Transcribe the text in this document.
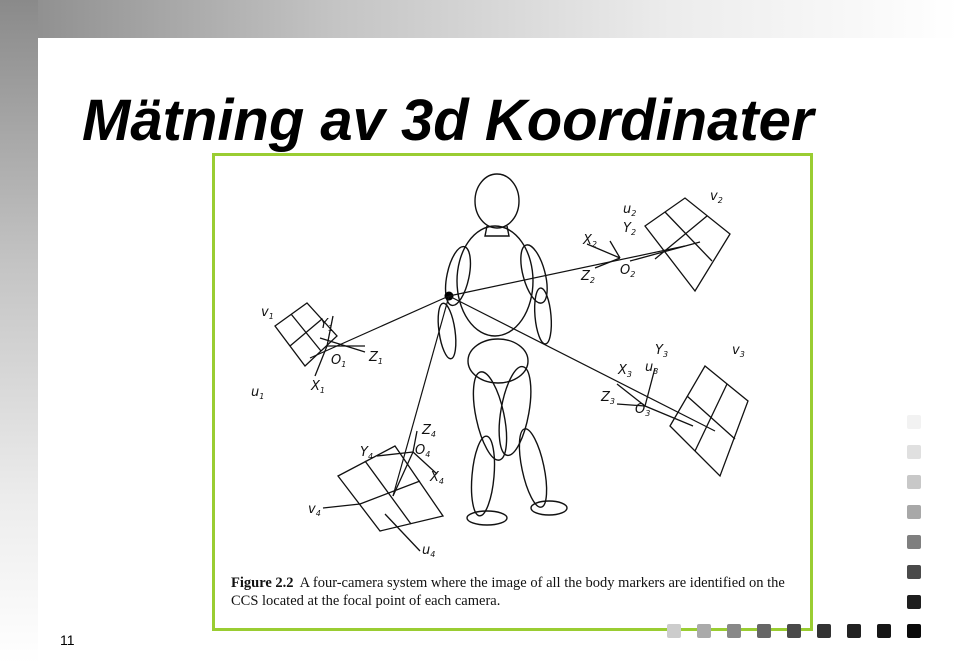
Mätning av 3d Koordinater
$v_1$
$Y_1$
$O_1$ $Z_1$
$X_1$
$u_1$
$u_2$
$Y_2$
$v_2$
$X_2$
$O_2$
$Z_2$
$Y_3$
$u_3$
$v_3$
$X_3$
$Z_3$
$O_3$
$Z_4$
$Y_4$	$O_4$
$X_4$
$v_4$
$u_4$

Figure 2.2 A four-camera system where the image of all the body markers are identified on the CCS located at the focal point of each camera.

11
